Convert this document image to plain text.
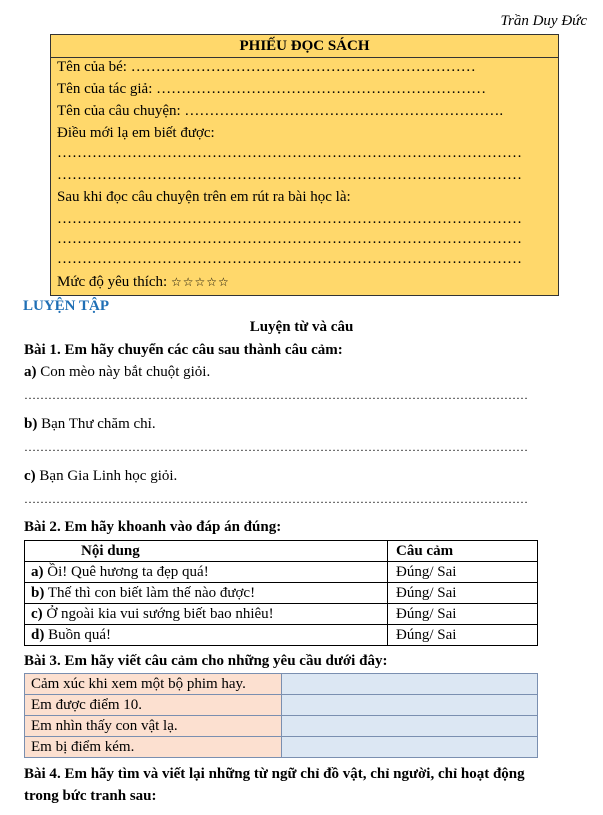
Trần Duy Đức
PHIẾU ĐỌC SÁCH
Tên của bé: ……………………………………………………………
Tên của tác giả: …………………………………………………………
Tên của câu chuyện: ……………………………………………………….
Điều mới lạ em biết được:
…………………………………………………………………………………
…………………………………………………………………………………
Sau khi đọc câu chuyện trên em rút ra bài học là:
…………………………………………………………………………………
…………………………………………………………………………………
…………………………………………………………………………………
Mức độ yêu thích: ☆☆☆☆☆
LUYỆN TẬP
Luyện từ và câu
Bài 1. Em hãy chuyển các câu sau thành câu cảm:
a) Con mèo này bắt chuột giỏi.
………………………………………………………………………………………………………………
b) Bạn Thư chăm chỉ.
………………………………………………………………………………………………………………
c) Bạn Gia Linh học giỏi.
………………………………………………………………………………………………………………
Bài 2. Em hãy khoanh vào đáp án đúng:
Nội dung	Câu cảm
a) Ồi! Quê hương ta đẹp quá!	Đúng/ Sai
b) Thế thì con biết làm thế nào được!	Đúng/ Sai
c) Ở ngoài kia vui sướng biết bao nhiêu!	Đúng/ Sai
d) Buồn quá!	Đúng/ Sai
Bài 3. Em hãy viết câu cảm cho những yêu cầu dưới đây:
Cảm xúc khi xem một bộ phim hay.	
Em được điểm 10.	
Em nhìn thấy con vật lạ.	
Em bị điểm kém.	
Bài 4. Em hãy tìm và viết lại những từ ngữ chỉ đồ vật, chỉ người, chỉ hoạt động
trong bức tranh sau:
